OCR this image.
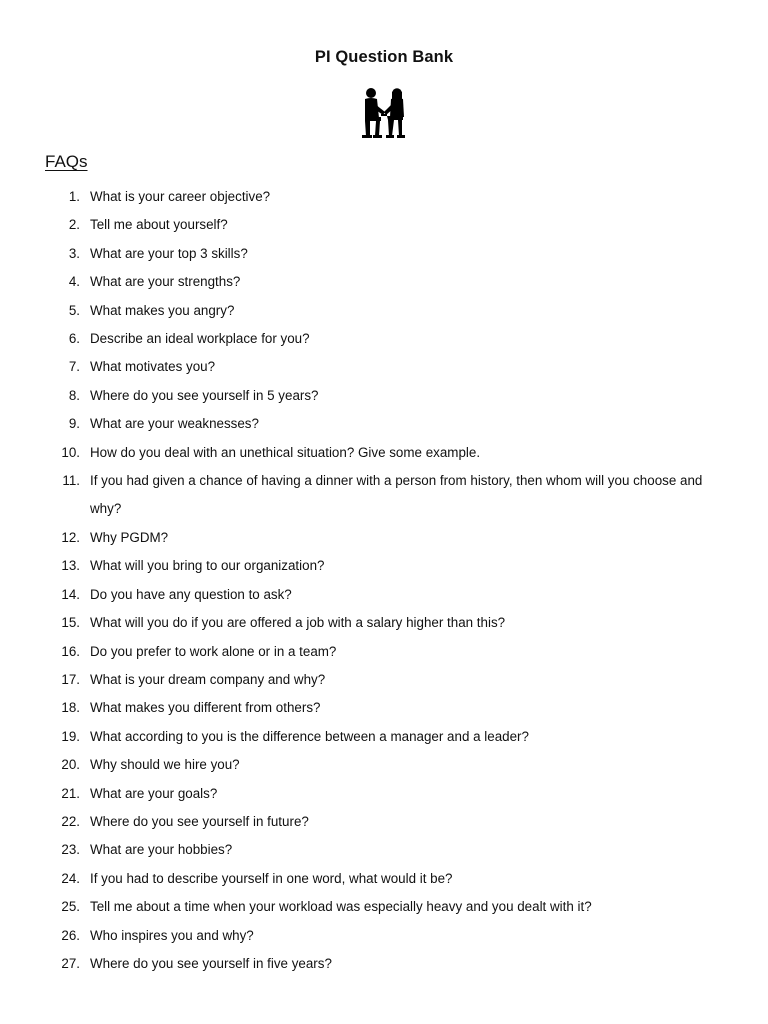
PI Question Bank
FAQs
1. What is your career objective?
2. Tell me about yourself?
3. What are your top 3 skills?
4. What are your strengths?
5. What makes you angry?
6. Describe an ideal workplace for you?
7. What motivates you?
8. Where do you see yourself in 5 years?
9. What are your weaknesses?
10. How do you deal with an unethical situation? Give some example.
11. If you had given a chance of having a dinner with a person from history, then whom will you choose and why?
12. Why PGDM?
13. What will you bring to our organization?
14. Do you have any question to ask?
15. What will you do if you are offered a job with a salary higher than this?
16. Do you prefer to work alone or in a team?
17. What is your dream company and why?
18. What makes you different from others?
19. What according to you is the difference between a manager and a leader?
20. Why should we hire you?
21. What are your goals?
22. Where do you see yourself in future?
23. What are your hobbies?
24. If you had to describe yourself in one word, what would it be?
25. Tell me about a time when your workload was especially heavy and you dealt with it?
26. Who inspires you and why?
27. Where do you see yourself in five years?
